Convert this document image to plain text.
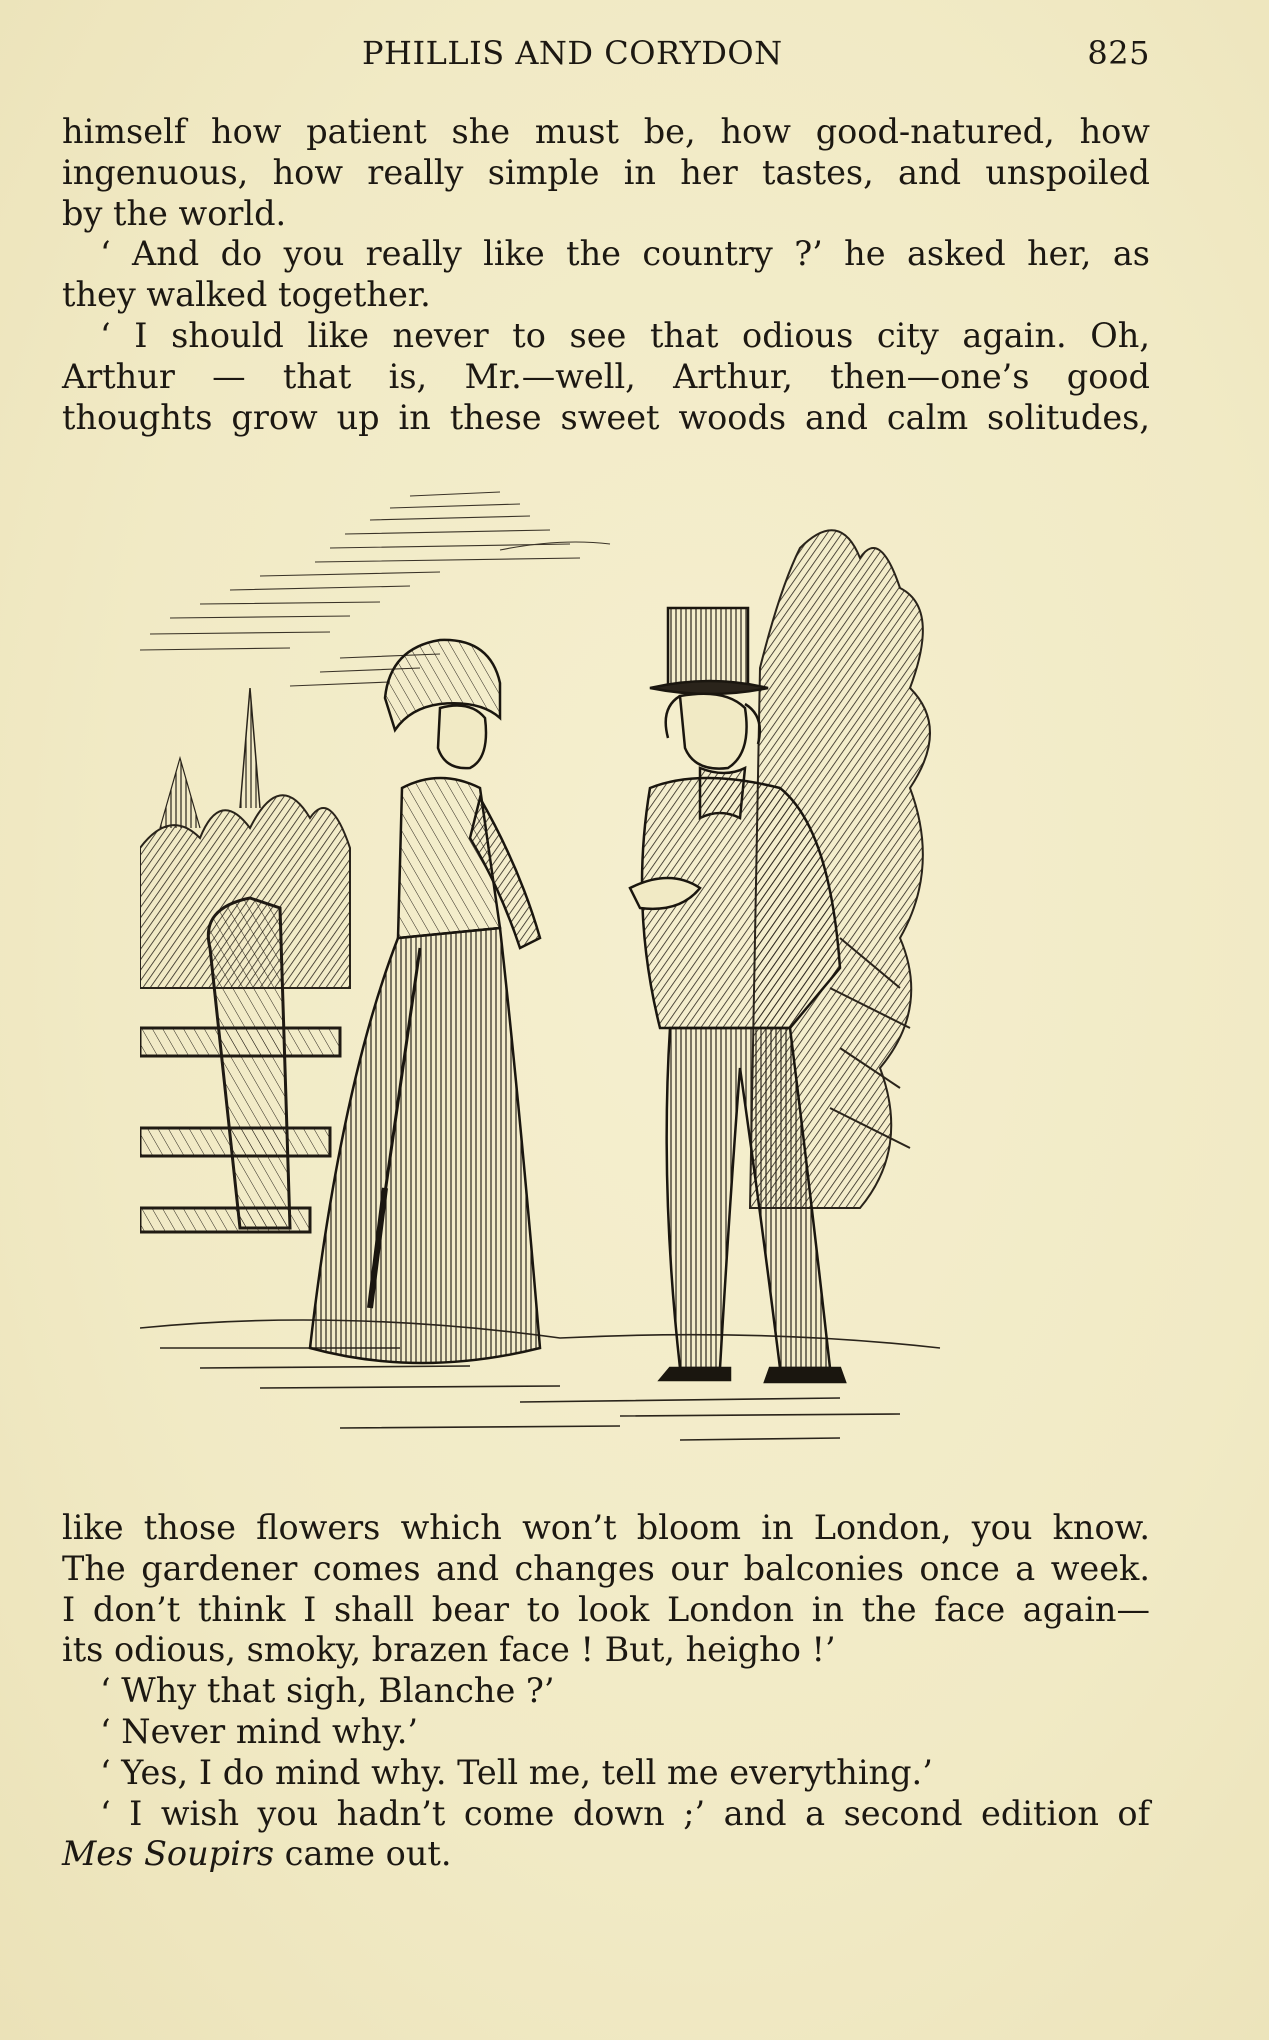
PHILLIS AND CORYDON	825
himself how patient she must be, how good-natured, how
ingenuous, how really simple in her tastes, and unspoiled
by the world.
‘ And do you really like the country ?’ he asked her, as
they walked together.
‘ I should like never to see that odious city again. Oh,
Arthur — that is, Mr.—well, Arthur, then—one’s good
thoughts grow up in these sweet woods and calm solitudes,
like those flowers which won’t bloom in London, you know.
The gardener comes and changes our balconies once a week.
I don’t think I shall bear to look London in the face again—
its odious, smoky, brazen face ! But, heigho !’
‘ Why that sigh, Blanche ?’
‘ Never mind why.’
‘ Yes, I do mind why. Tell me, tell me everything.’
‘ I wish you hadn’t come down ;’ and a second edition of
Mes Soupirs came out.
